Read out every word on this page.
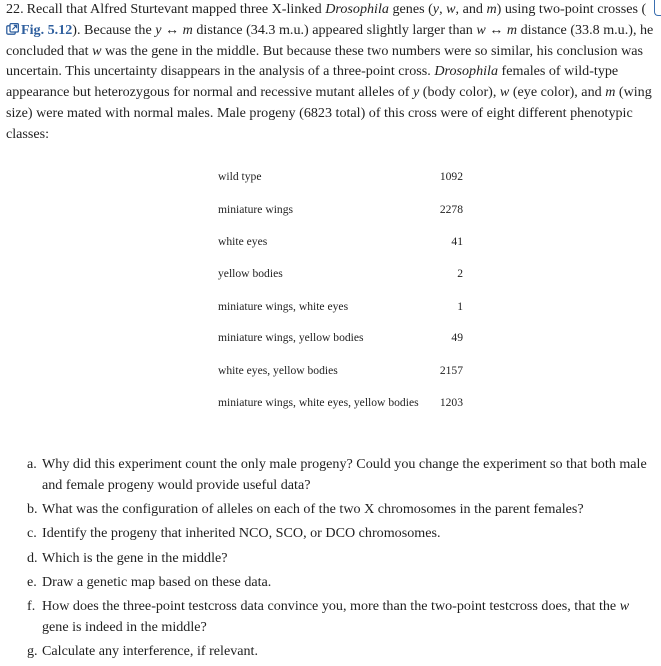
22. Recall that Alfred Sturtevant mapped three X-linked Drosophila genes (y, w, and m) using two-point crosses (Fig. 5.12). Because the y ↔ m distance (34.3 m.u.) appeared slightly larger than w ↔ m distance (33.8 m.u.), he concluded that w was the gene in the middle. But because these two numbers were so similar, his conclusion was uncertain. This uncertainty disappears in the analysis of a three-point cross. Drosophila females of wild-type appearance but heterozygous for normal and recessive mutant alleles of y (body color), w (eye color), and m (wing size) were mated with normal males. Male progeny (6823 total) of this cross were of eight different phenotypic classes:
wild type	1092
miniature wings	2278
white eyes	41
yellow bodies	2
miniature wings, white eyes	1
miniature wings, yellow bodies	49
white eyes, yellow bodies	2157
miniature wings, white eyes, yellow bodies 1203
a. Why did this experiment count the only male progeny? Could you change the experiment so that both male and female progeny would provide useful data?
b. What was the configuration of alleles on each of the two X chromosomes in the parent females?
c. Identify the progeny that inherited NCO, SCO, or DCO chromosomes.
d. Which is the gene in the middle?
e. Draw a genetic map based on these data.
f. How does the three-point testcross data convince you, more than the two-point testcross does, that the w gene is indeed in the middle?
g. Calculate any interference, if relevant.
